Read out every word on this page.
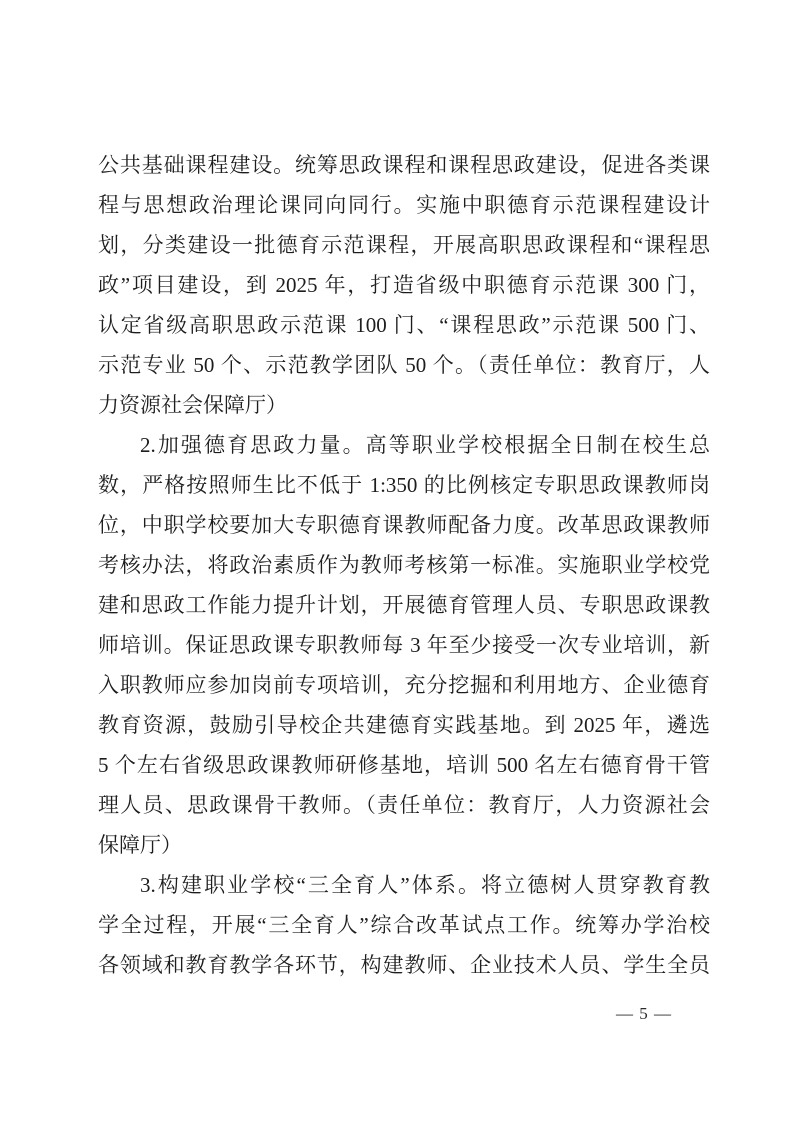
公共基础课程建设。统筹思政课程和课程思政建设，促进各类课
程与思想政治理论课同向同行。实施中职德育示范课程建设计
划，分类建设一批德育示范课程，开展高职思政课程和“课程思
政”项目建设，到 2025 年，打造省级中职德育示范课 300 门，
认定省级高职思政示范课 100 门、“课程思政”示范课 500 门、
示范专业 50 个、示范教学团队 50 个。（责任单位：教育厅，人
力资源社会保障厅）

2.加强德育思政力量。高等职业学校根据全日制在校生总
数，严格按照师生比不低于 1:350 的比例核定专职思政课教师岗
位，中职学校要加大专职德育课教师配备力度。改革思政课教师
考核办法，将政治素质作为教师考核第一标准。实施职业学校党
建和思政工作能力提升计划，开展德育管理人员、专职思政课教
师培训。保证思政课专职教师每 3 年至少接受一次专业培训，新
入职教师应参加岗前专项培训，充分挖掘和利用地方、企业德育
教育资源，鼓励引导校企共建德育实践基地。到 2025 年，遴选
5 个左右省级思政课教师研修基地，培训 500 名左右德育骨干管
理人员、思政课骨干教师。（责任单位：教育厅，人力资源社会
保障厅）

3.构建职业学校“三全育人”体系。将立德树人贯穿教育教
学全过程，开展“三全育人”综合改革试点工作。统筹办学治校
各领域和教育教学各环节，构建教师、企业技术人员、学生全员

— 5 —
